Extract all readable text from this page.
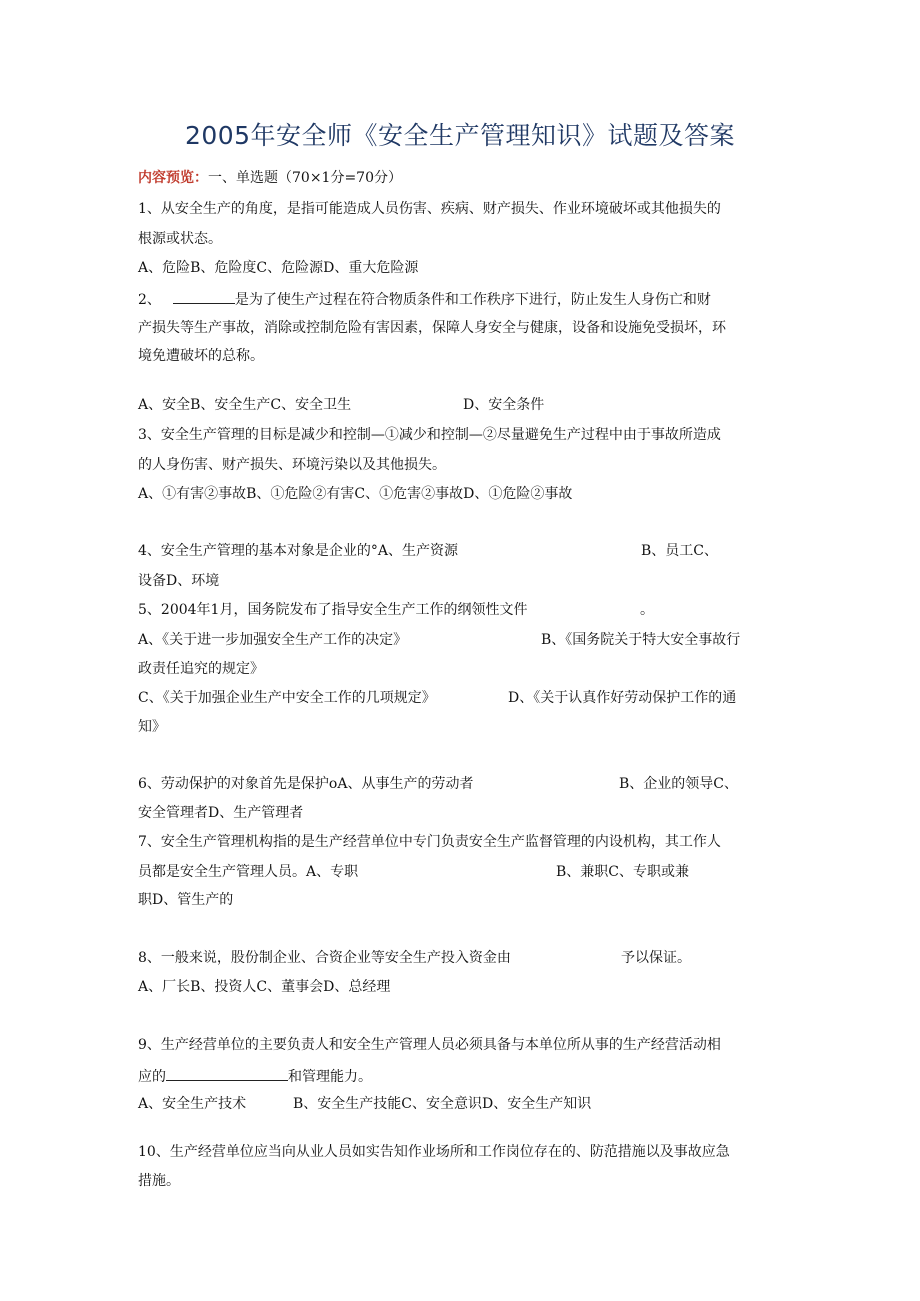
2005年安全师《安全生产管理知识》试题及答案

内容预览：一、单选题（70×1分=70分）

1、从安全生产的角度，是指可能造成人员伤害、疾病、财产损失、作业环境破坏或其他损失的

根源或状态。

A、危险B、危险度C、危险源D、重大危险源

2、	是为了使生产过程在符合物质条件和工作秩序下进行，防止发生人身伤亡和财

产损失等生产事故，消除或控制危险有害因素，保障人身安全与健康，设备和设施免受损坏，环

境免遭破坏的总称。

A、安全B、安全生产C、安全卫生	D、安全条件

3、安全生产管理的目标是减少和控制—①减少和控制—②尽量避免生产过程中由于事故所造成

的人身伤害、财产损失、环境污染以及其他损失。

A、①有害②事故B、①危险②有害C、①危害②事故D、①危险②事故

4、安全生产管理的基本对象是企业的°A、生产资源	B、员工C、

设备D、环境

5、2004年1月，国务院发布了指导安全生产工作的纲领性文件	。

A、《关于进一步加强安全生产工作的决定》	B、《国务院关于特大安全事故行

政责任追究的规定》

C、《关于加强企业生产中安全工作的几项规定》	D、《关于认真作好劳动保护工作的通

知》

6、劳动保护的对象首先是保护oA、从事生产的劳动者	B、企业的领导C、

安全管理者D、生产管理者

7、安全生产管理机构指的是生产经营单位中专门负责安全生产监督管理的内设机构，其工作人

员都是安全生产管理人员。A、专职	B、兼职C、专职或兼

职D、管生产的

8、一般来说，股份制企业、合资企业等安全生产投入资金由	予以保证。

A、厂长B、投资人C、董事会D、总经理

9、生产经营单位的主要负责人和安全生产管理人员必须具备与本单位所从事的生产经营活动相

应的	和管理能力。

A、安全生产技术	B、安全生产技能C、安全意识D、安全生产知识

10、生产经营单位应当向从业人员如实告知作业场所和工作岗位存在的、防范措施以及事故应急

措施。
